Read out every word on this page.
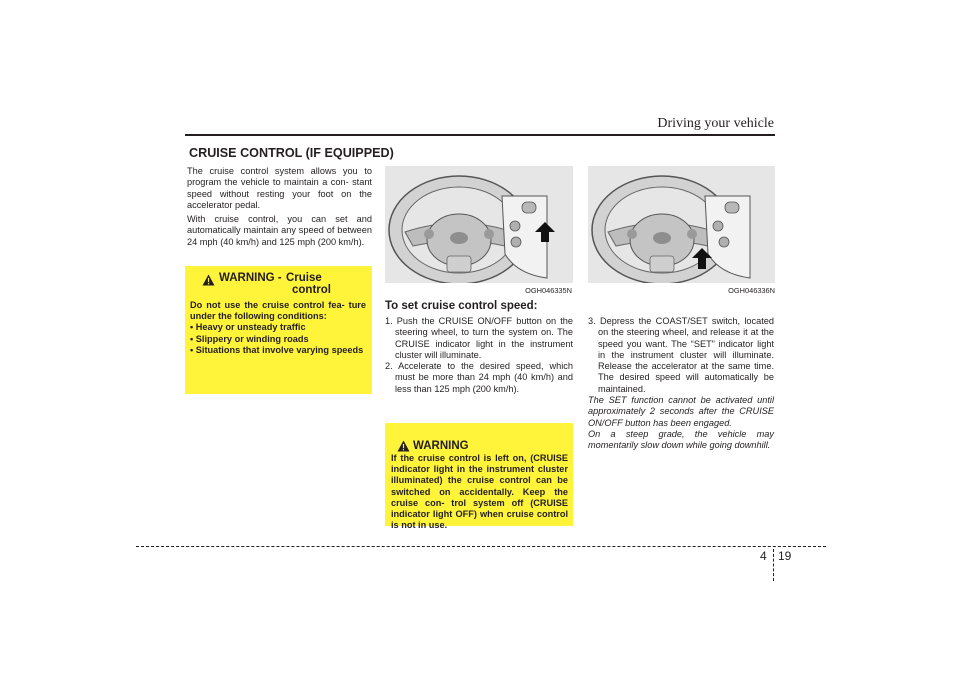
Driving your vehicle
CRUISE CONTROL (IF EQUIPPED)

The cruise control system allows you to program the vehicle to maintain a con- stant speed without resting your foot on the accelerator pedal.

With cruise control, you can set and automatically maintain any speed of between 24 mph (40 km/h) and 125 mph (200 km/h).

WARNING - Cruise
control
Do not use the cruise control fea- ture under the following conditions:
• Heavy or unsteady traffic
• Slippery or winding roads
• Situations that involve varying speeds
OGH046335N
To set cruise control speed:
1. Push the CRUISE ON/OFF button on the steering wheel, to turn the system on. The CRUISE indicator light in the instrument cluster will illuminate.
2. Accelerate to the desired speed, which must be more than 24 mph (40 km/h) and less than 125 mph (200 km/h).
WARNING
If the cruise control is left on, (CRUISE indicator light in the instrument cluster illuminated) the cruise control can be switched on accidentally. Keep the cruise con- trol system off (CRUISE indicator light OFF) when cruise control is not in use.
OGH046336N
3. Depress the COAST/SET switch, located on the steering wheel, and release it at the speed you want. The “SET” indicator light in the instrument cluster will illuminate. Release the accelerator at the same time. The desired speed will automatically be maintained.

The SET function cannot be activated until approximately 2 seconds after the CRUISE ON/OFF button has been engaged.

On a steep grade, the vehicle may momentarily slow down while going downhill.

4 19
